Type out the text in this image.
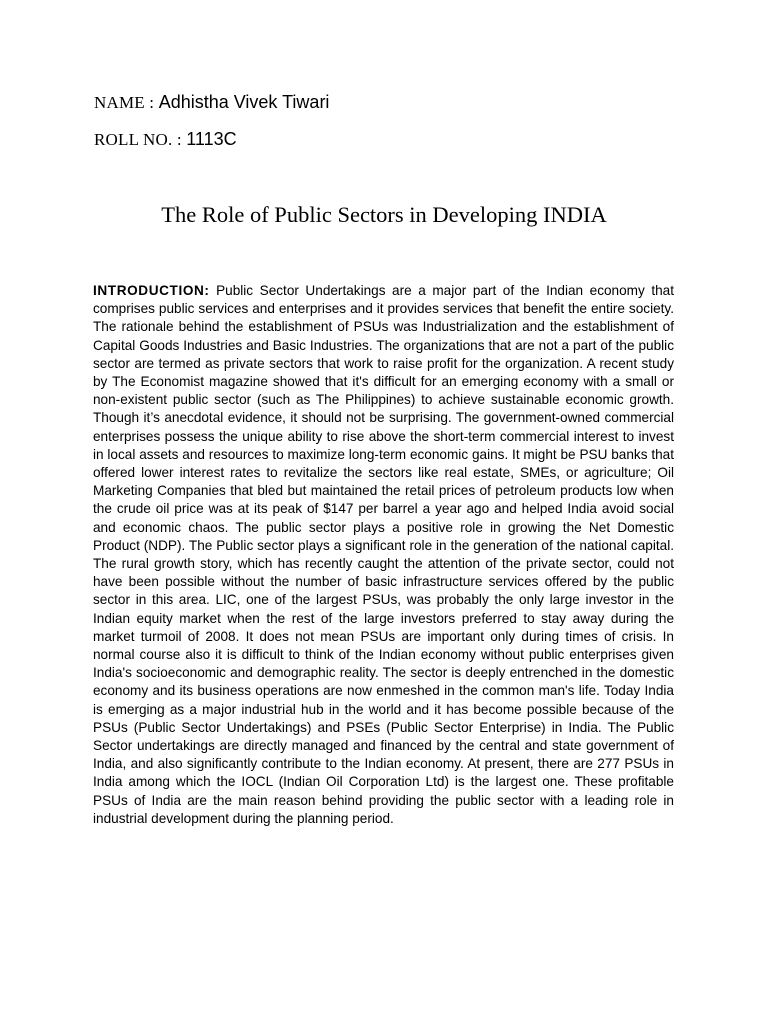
NAME : Adhistha Vivek Tiwari
ROLL NO. : 1113C
The Role of Public Sectors in Developing INDIA

INTRODUCTION: Public Sector Undertakings are a major part of the Indian economy that comprises public services and enterprises and it provides services that benefit the entire society. The rationale behind the establishment of PSUs was Industrialization and the establishment of Capital Goods Industries and Basic Industries. The organizations that are not a part of the public sector are termed as private sectors that work to raise profit for the organization. A recent study by The Economist magazine showed that it's difficult for an emerging economy with a small or non-existent public sector (such as The Philippines) to achieve sustainable economic growth. Though it’s anecdotal evidence, it should not be surprising. The government-owned commercial enterprises possess the unique ability to rise above the short-term commercial interest to invest in local assets and resources to maximize long-term economic gains. It might be PSU banks that offered lower interest rates to revitalize the sectors like real estate, SMEs, or agriculture; Oil Marketing Companies that bled but maintained the retail prices of petroleum products low when the crude oil price was at its peak of $147 per barrel a year ago and helped India avoid social and economic chaos. The public sector plays a positive role in growing the Net Domestic Product (NDP). The Public sector plays a significant role in the generation of the national capital. The rural growth story, which has recently caught the attention of the private sector, could not have been possible without the number of basic infrastructure services offered by the public sector in this area. LIC, one of the largest PSUs, was probably the only large investor in the Indian equity market when the rest of the large investors preferred to stay away during the market turmoil of 2008. It does not mean PSUs are important only during times of crisis. In normal course also it is difficult to think of the Indian economy without public enterprises given India's socioeconomic and demographic reality. The sector is deeply entrenched in the domestic economy and its business operations are now enmeshed in the common man's life. Today India is emerging as a major industrial hub in the world and it has become possible because of the PSUs (Public Sector Undertakings) and PSEs (Public Sector Enterprise) in India. The Public Sector undertakings are directly managed and financed by the central and state government of India, and also significantly contribute to the Indian economy. At present, there are 277 PSUs in India among which the IOCL (Indian Oil Corporation Ltd) is the largest one. These profitable PSUs of India are the main reason behind providing the public sector with a leading role in industrial development during the planning period.
